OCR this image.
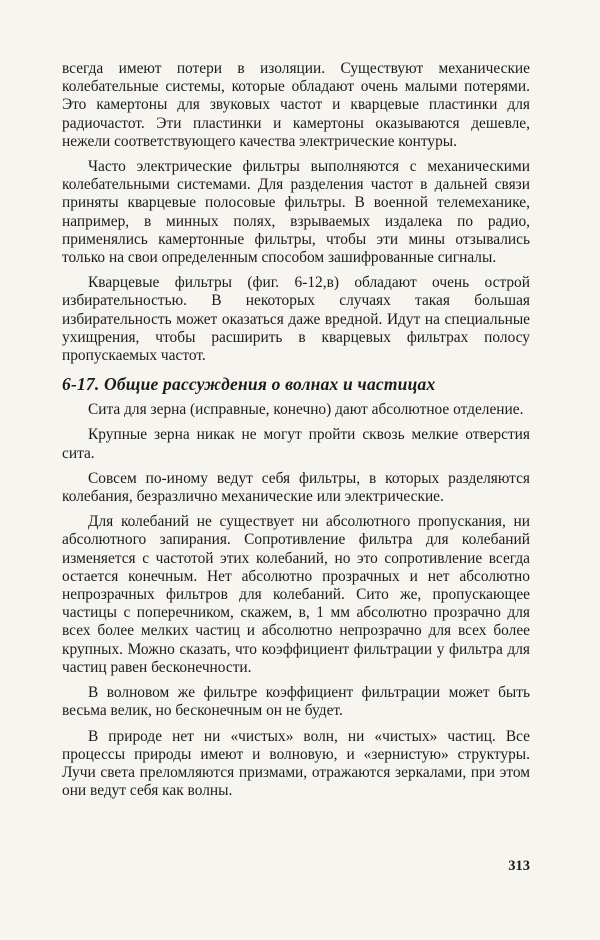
всегда имеют потери в изоляции. Существуют механические колебательные системы, которые обладают очень малыми потерями. Это камертоны для звуковых частот и кварцевые пластинки для радиочастот. Эти пластинки и камертоны оказываются дешевле, нежели соответствующего качества электрические контуры.

Часто электрические фильтры выполняются с механическими колебательными системами. Для разделения частот в дальней связи приняты кварцевые полосовые фильтры. В военной телемеханике, например, в минных полях, взрываемых издалека по радио, применялись камертонные фильтры, чтобы эти мины отзывались только на свои определенным способом зашифрованные сигналы.

Кварцевые фильтры (фиг. 6-12,в) обладают очень острой избирательностью. В некоторых случаях такая большая избирательность может оказаться даже вредной. Идут на специальные ухищрения, чтобы расширить в кварцевых фильтрах полосу пропускаемых частот.

6-17. Общие рассуждения о волнах и частицах

Сита для зерна (исправные, конечно) дают абсолютное отделение.

Крупные зерна никак не могут пройти сквозь мелкие отверстия сита.

Совсем по-иному ведут себя фильтры, в которых разделяются колебания, безразлично механические или электрические.

Для колебаний не существует ни абсолютного пропускания, ни абсолютного запирания. Сопротивление фильтра для колебаний изменяется с частотой этих колебаний, но это сопротивление всегда остается конечным. Нет абсолютно прозрачных и нет абсолютно непрозрачных фильтров для колебаний. Сито же, пропускающее частицы с поперечником, скажем, в, 1 мм абсолютно прозрачно для всех более мелких частиц и абсолютно непрозрачно для всех более крупных. Можно сказать, что коэффициент фильтрации у фильтра для частиц равен бесконечности.

В волновом же фильтре коэффициент фильтрации может быть весьма велик, но бесконечным он не будет.

В природе нет ни «чистых» волн, ни «чистых» частиц. Все процессы природы имеют и волновую, и «зернистую» структуры. Лучи света преломляются призмами, отражаются зеркалами, при этом они ведут себя как волны.

313
